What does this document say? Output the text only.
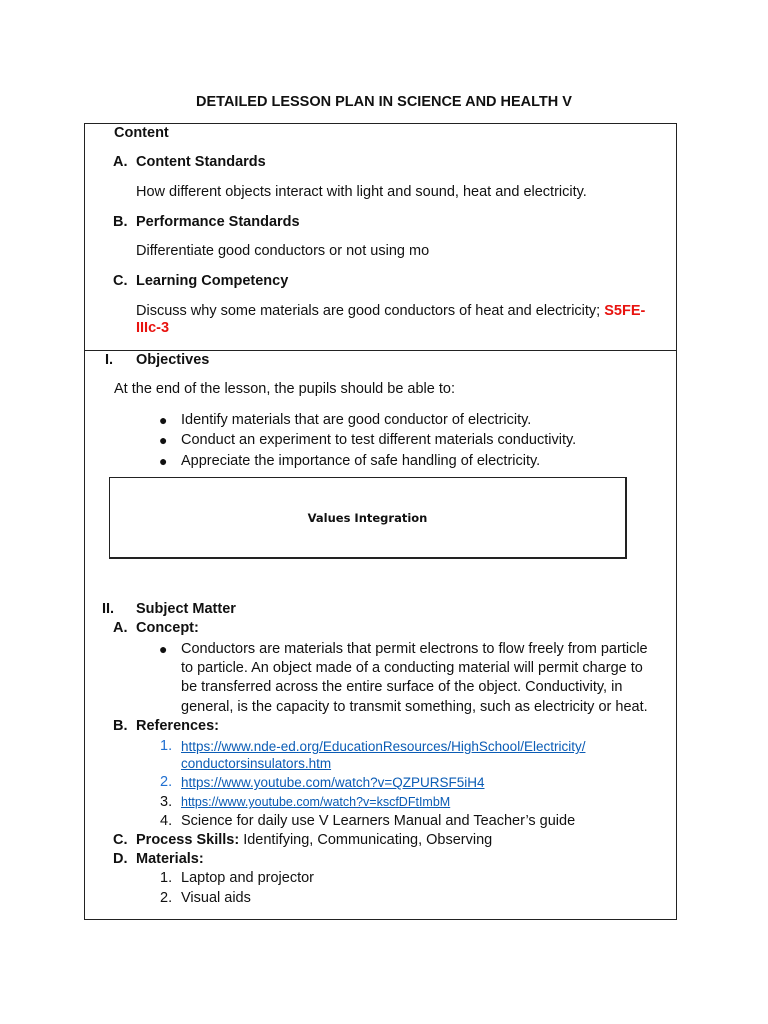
DETAILED LESSON PLAN IN SCIENCE AND HEALTH V
Content
A. Content Standards
How different objects interact with light and sound, heat and electricity.
B. Performance Standards
Differentiate good conductors or not using mo
C. Learning Competency
Discuss why some materials are good conductors of heat and electricity; S5FE-
IIIc-3
I. Objectives
At the end of the lesson, the pupils should be able to:
● Identify materials that are good conductor of electricity.
● Conduct an experiment to test different materials conductivity.
● Appreciate the importance of safe handling of electricity.
II. Subject Matter
A. Concept:
● Conductors are materials that permit electrons to flow freely from particle
to particle. An object made of a conducting material will permit charge to
be transferred across the entire surface of the object. Conductivity, in
general, is the capacity to transmit something, such as electricity or heat.
B. References:
1. https://www.nde-ed.org/EducationResources/HighSchool/Electricity/
conductorsinsulators.htm
2. https://www.youtube.com/watch?v=QZPURSF5iH4
3. https://www.youtube.com/watch?v=kscfDFtImbM
4. Science for daily use V Learners Manual and Teacher’s guide
C. Process Skills: Identifying, Communicating, Observing
D. Materials:
1. Laptop and projector
2. Visual aids
Values Integration
